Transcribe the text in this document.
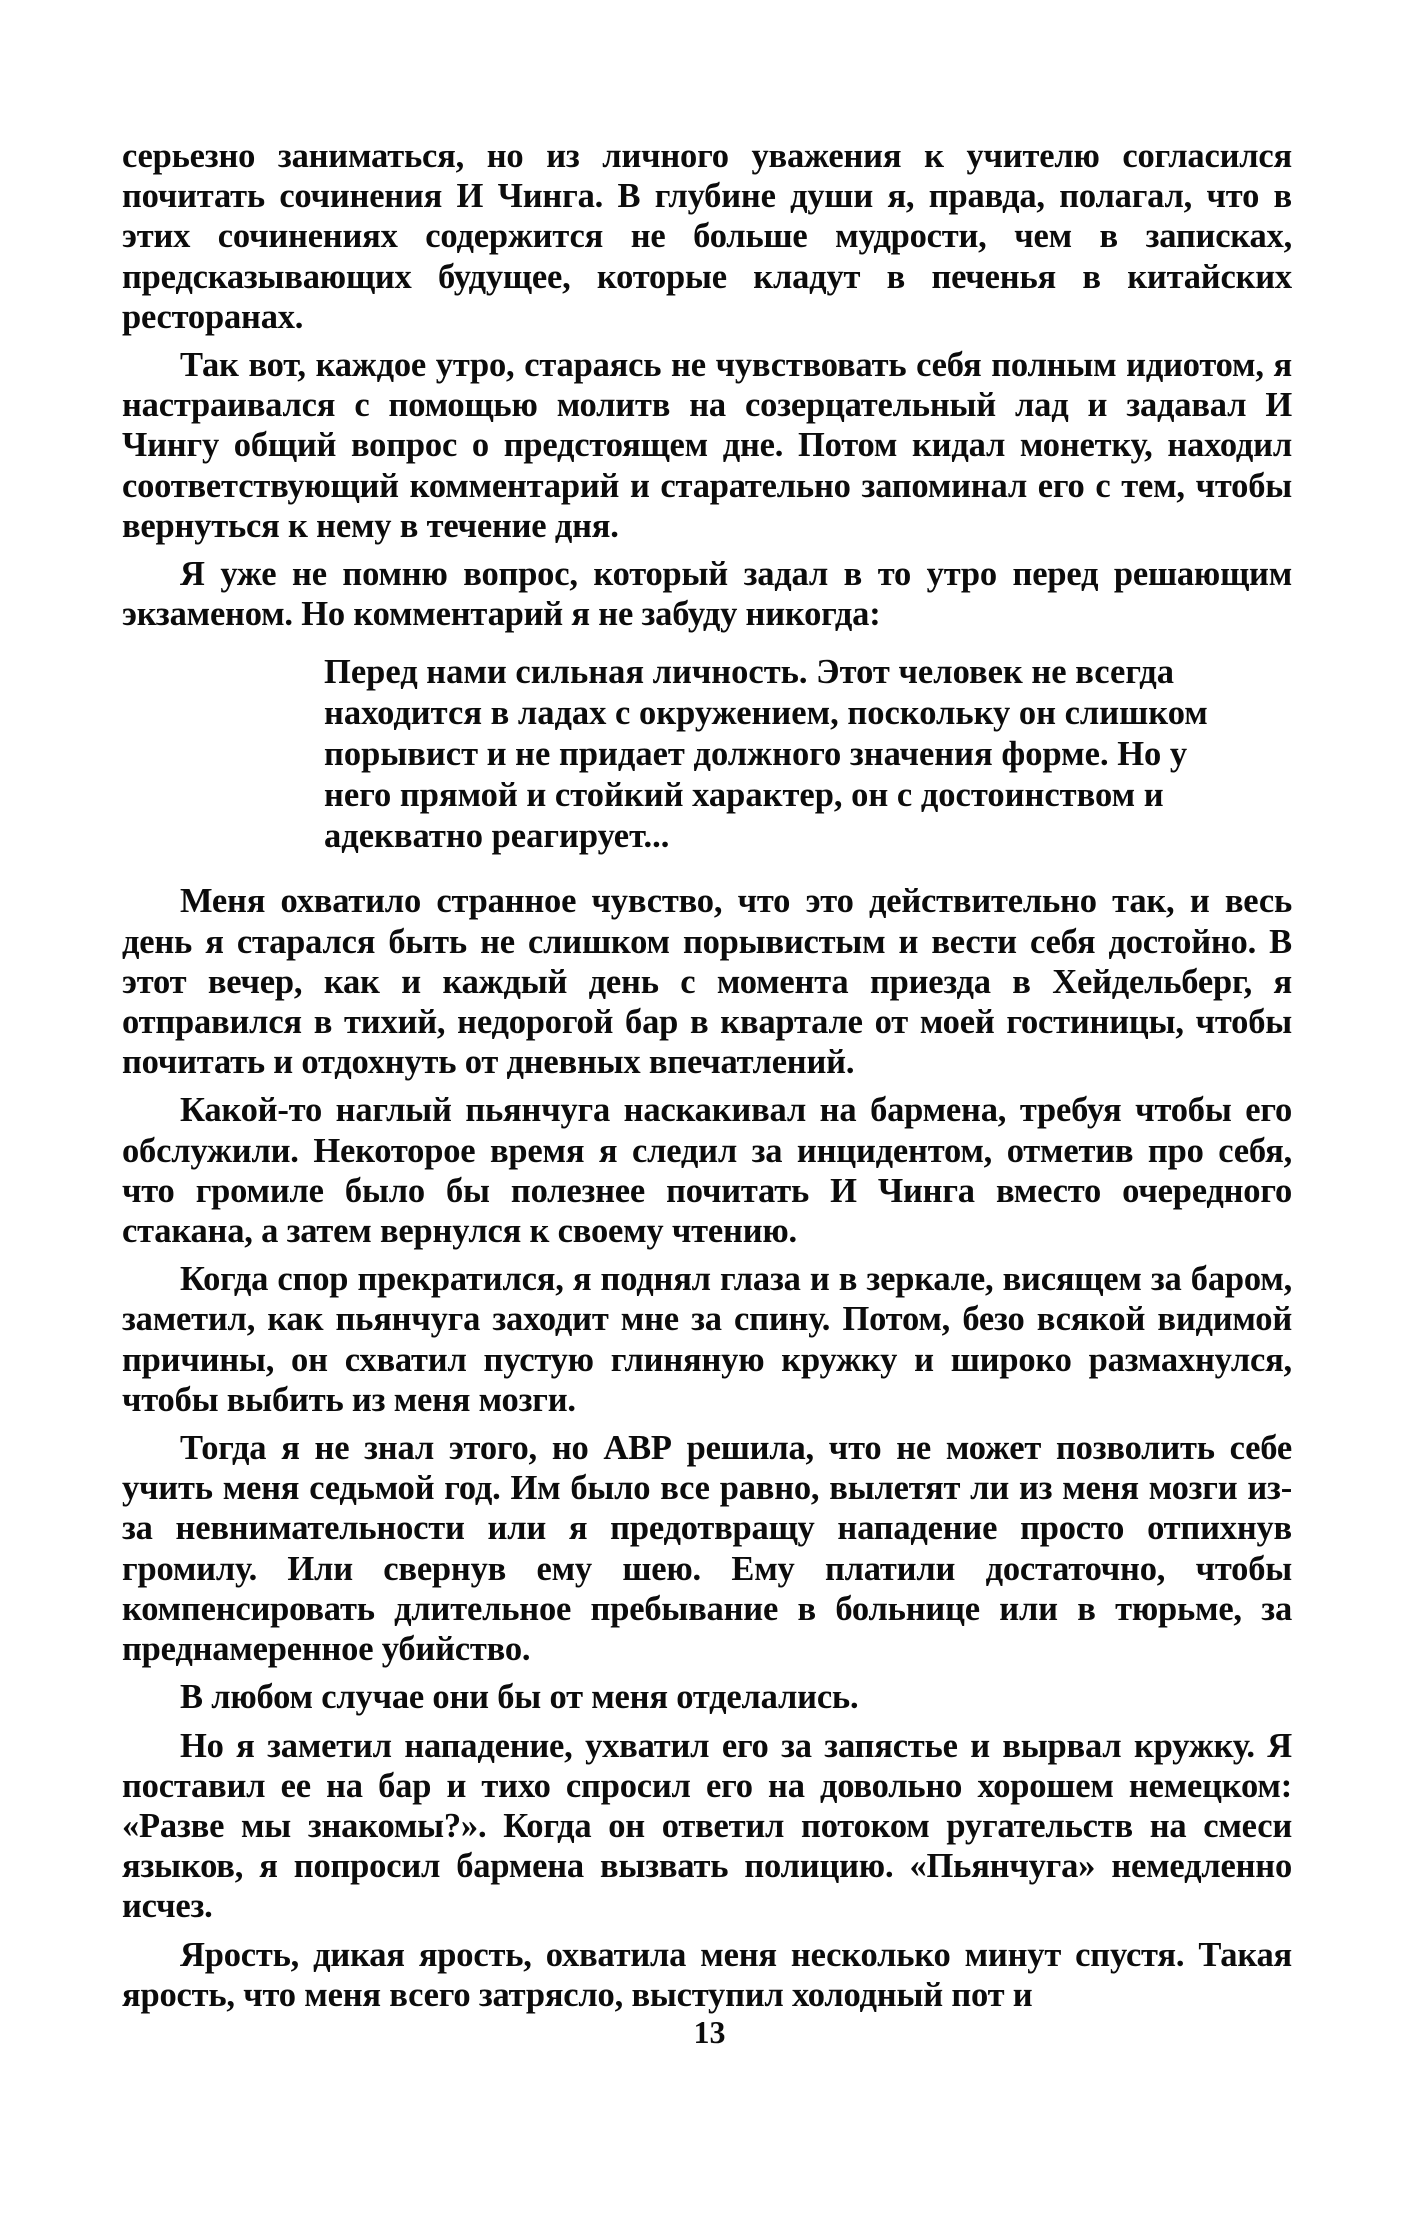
серьезно заниматься, но из личного уважения к учителю согласился почитать сочинения И Чинга. В глубине души я, правда, полагал, что в этих сочинениях содержится не больше мудрости, чем в записках, предсказывающих будущее, которые кладут в печенья в китайских ресторанах.

Так вот, каждое утро, стараясь не чувствовать себя полным идиотом, я настраивался с помощью молитв на созерцательный лад и задавал И Чингу общий вопрос о предстоящем дне. Потом кидал монетку, находил соответствующий комментарий и старательно запоминал его с тем, чтобы вернуться к нему в течение дня.

Я уже не помню вопрос, который задал в то утро перед решающим экзаменом. Но комментарий я не забуду никогда:

Перед нами сильная личность. Этот человек не всегда находится в ладах с окружением, поскольку он слишком порывист и не придает должного значения форме. Но у него прямой и стойкий характер, он с достоинством и адекватно реагирует...

Меня охватило странное чувство, что это действительно так, и весь день я старался быть не слишком порывистым и вести себя достойно. В этот вечер, как и каждый день с момента приезда в Хейдельберг, я отправился в тихий, недорогой бар в квартале от моей гостиницы, чтобы почитать и отдохнуть от дневных впечатлений.

Какой-то наглый пьянчуга наскакивал на бармена, требуя чтобы его обслужили. Некоторое время я следил за инцидентом, отметив про себя, что громиле было бы полезнее почитать И Чинга вместо очередного стакана, а затем вернулся к своему чтению.

Когда спор прекратился, я поднял глаза и в зеркале, висящем за баром, заметил, как пьянчуга заходит мне за спину. Потом, безо всякой видимой причины, он схватил пустую глиняную кружку и широко размахнулся, чтобы выбить из меня мозги.

Тогда я не знал этого, но АВР решила, что не может позволить себе учить меня седьмой год. Им было все равно, вылетят ли из меня мозги из-за невнимательности или я предотвращу нападение просто отпихнув громилу. Или свернув ему шею. Ему платили достаточно, чтобы компенсировать длительное пребывание в больнице или в тюрьме, за преднамеренное убийство.

В любом случае они бы от меня отделались.

Но я заметил нападение, ухватил его за запястье и вырвал кружку. Я поставил ее на бар и тихо спросил его на довольно хорошем немецком: «Разве мы знакомы?». Когда он ответил потоком ругательств на смеси языков, я попросил бармена вызвать полицию. «Пьянчуга» немедленно исчез.

Ярость, дикая ярость, охватила меня несколько минут спустя. Такая ярость, что меня всего затрясло, выступил холодный пот и

13
